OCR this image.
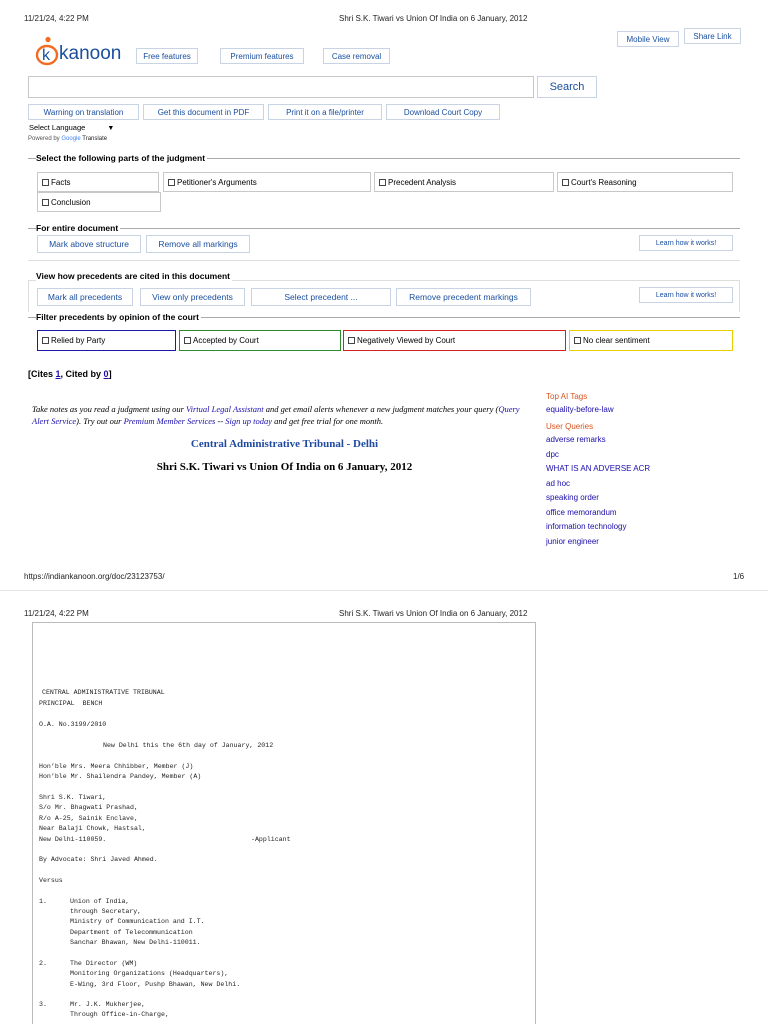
11/21/24, 4:22 PM	Shri S.K. Tiwari vs Union Of India on 6 January, 2012
k kanoon	Free features	Premium features	Case removal
Mobile View	Share Link
Search
Warning on translation	Get this document in PDF	Print it on a file/printer	Download Court Copy
Select Language	▼
Powered by Google Translate
Select the following parts of the judgment
Facts	Petitioner's Arguments	Precedent Analysis	Court's Reasoning
Conclusion
For entire document
Mark above structure	Remove all markings	Learn how it works!
View how precedents are cited in this document
Mark all precedents	View only precedents	Select precedent ...	Remove precedent markings	Learn how it works!
Filter precedents by opinion of the court
Relied by Party	Accepted by Court	Negatively Viewed by Court	No clear sentiment
[Cites 1, Cited by 0]
Take notes as you read a judgment using our Virtual Legal Assistant and get email alerts whenever a new judgment matches your query (Query Alert Service). Try out our Premium Member Services -- Sign up today and get free trial for one month.
Central Administrative Tribunal - Delhi
Shri S.K. Tiwari vs Union Of India on 6 January, 2012
Top AI Tags
equality-before-law
User Queries
adverse remarks
dpc
WHAT IS AN ADVERSE ACR
ad hoc
speaking order
office memorandum
information technology
junior engineer
https://indiankanoon.org/doc/23123753/	1/6
11/21/24, 4:22 PM	Shri S.K. Tiwari vs Union Of India on 6 January, 2012
CENTRAL ADMINISTRATIVE TRIBUNAL
PRINCIPAL  BENCH
O.A. No.3199/2010
New Delhi this the 6th day of January, 2012
Hon’ble Mrs. Meera Chhibber, Member (J)
Hon’ble Mr. Shailendra Pandey, Member (A)
Shri S.K. Tiwari,
S/o Mr. Bhagwati Prashad,
R/o A-25, Sainik Enclave,
Near Balaji Chowk, Hastsal,
New Delhi-110059.	-Applicant
By Advocate: Shri Javed Ahmed.
Versus
1.	Union of India,
through Secretary,
Ministry of Communication and I.T.
Department of Telecommunication
Sanchar Bhawan, New Delhi-110011.
2.	The Director (WM)
Monitoring Organizations (Headquarters),
E-Wing, 3rd Floor, Pushp Bhawan, New Delhi.
3.	Mr. J.K. Mukherjee,
Through Office-in-Charge,
